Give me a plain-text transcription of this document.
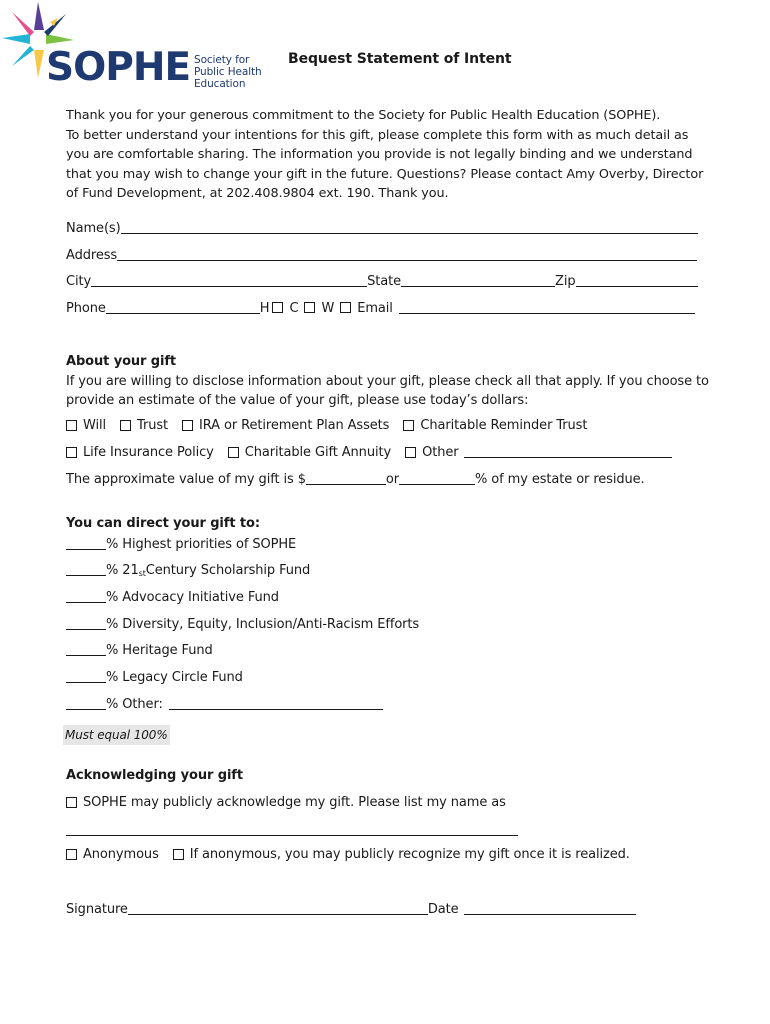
SOPHE Society for
Public Health
Education
Bequest Statement of Intent
Thank you for your generous commitment to the Society for Public Health Education (SOPHE).
To better understand your intentions for this gift, please complete this form with as much detail as
you are comfortable sharing. The information you provide is not legally binding and we understand
that you may wish to change your gift in the future. Questions? Please contact Amy Overby, Director
of Fund Development, at 202.408.9804 ext. 190. Thank you.
Name(s)
Address
City	State	Zip
Phone	H C W Email
About your gift
If you are willing to disclose information about your gift, please check all that apply. If you choose to
provide an estimate of the value of your gift, please use today’s dollars:
Will Trust IRA or Retirement Plan Assets Charitable Reminder Trust
Life Insurance Policy Charitable Gift Annuity Other
The approximate value of my gift is $	or	% of my estate or residue.
You can direct your gift to:
% Highest priorities of SOPHE
% $21_{st}$ Century Scholarship Fund
% Advocacy Initiative Fund
% Diversity, Equity, Inclusion/Anti-Racism Efforts
% Heritage Fund
% Legacy Circle Fund
% Other:
Must equal 100%
Acknowledging your gift
SOPHE may publicly acknowledge my gift. Please list my name as
Anonymous If anonymous, you may publicly recognize my gift once it is realized.
Signature	Date
